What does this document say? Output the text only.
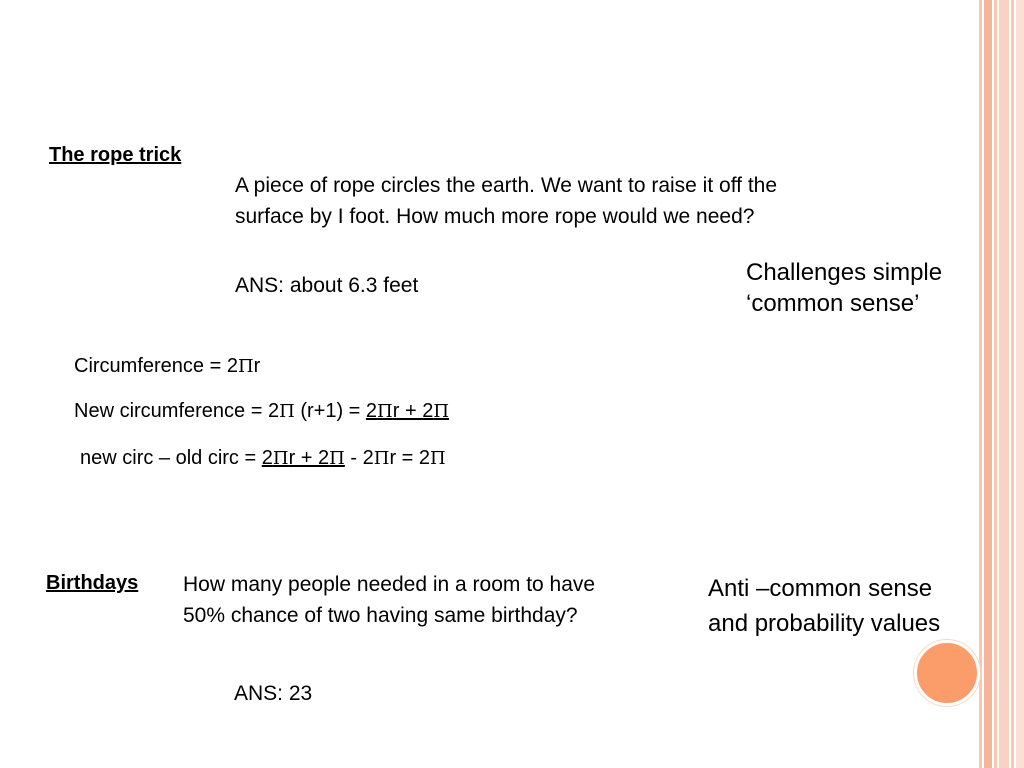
The rope trick
A piece of rope circles the earth. We want to raise it off the
surface by I foot. How much more rope would we need?
ANS: about 6.3 feet	Challenges simple
‘common sense’
Circumference = 2Πr
New circumference = 2Π (r+1) = 2Πr + 2Π
new circ – old circ = 2Πr + 2Π - 2Πr = 2Π
Birthdays How many people needed in a room to have
50% chance of two having same birthday?
Anti –common sense
and probability values
ANS: 23
